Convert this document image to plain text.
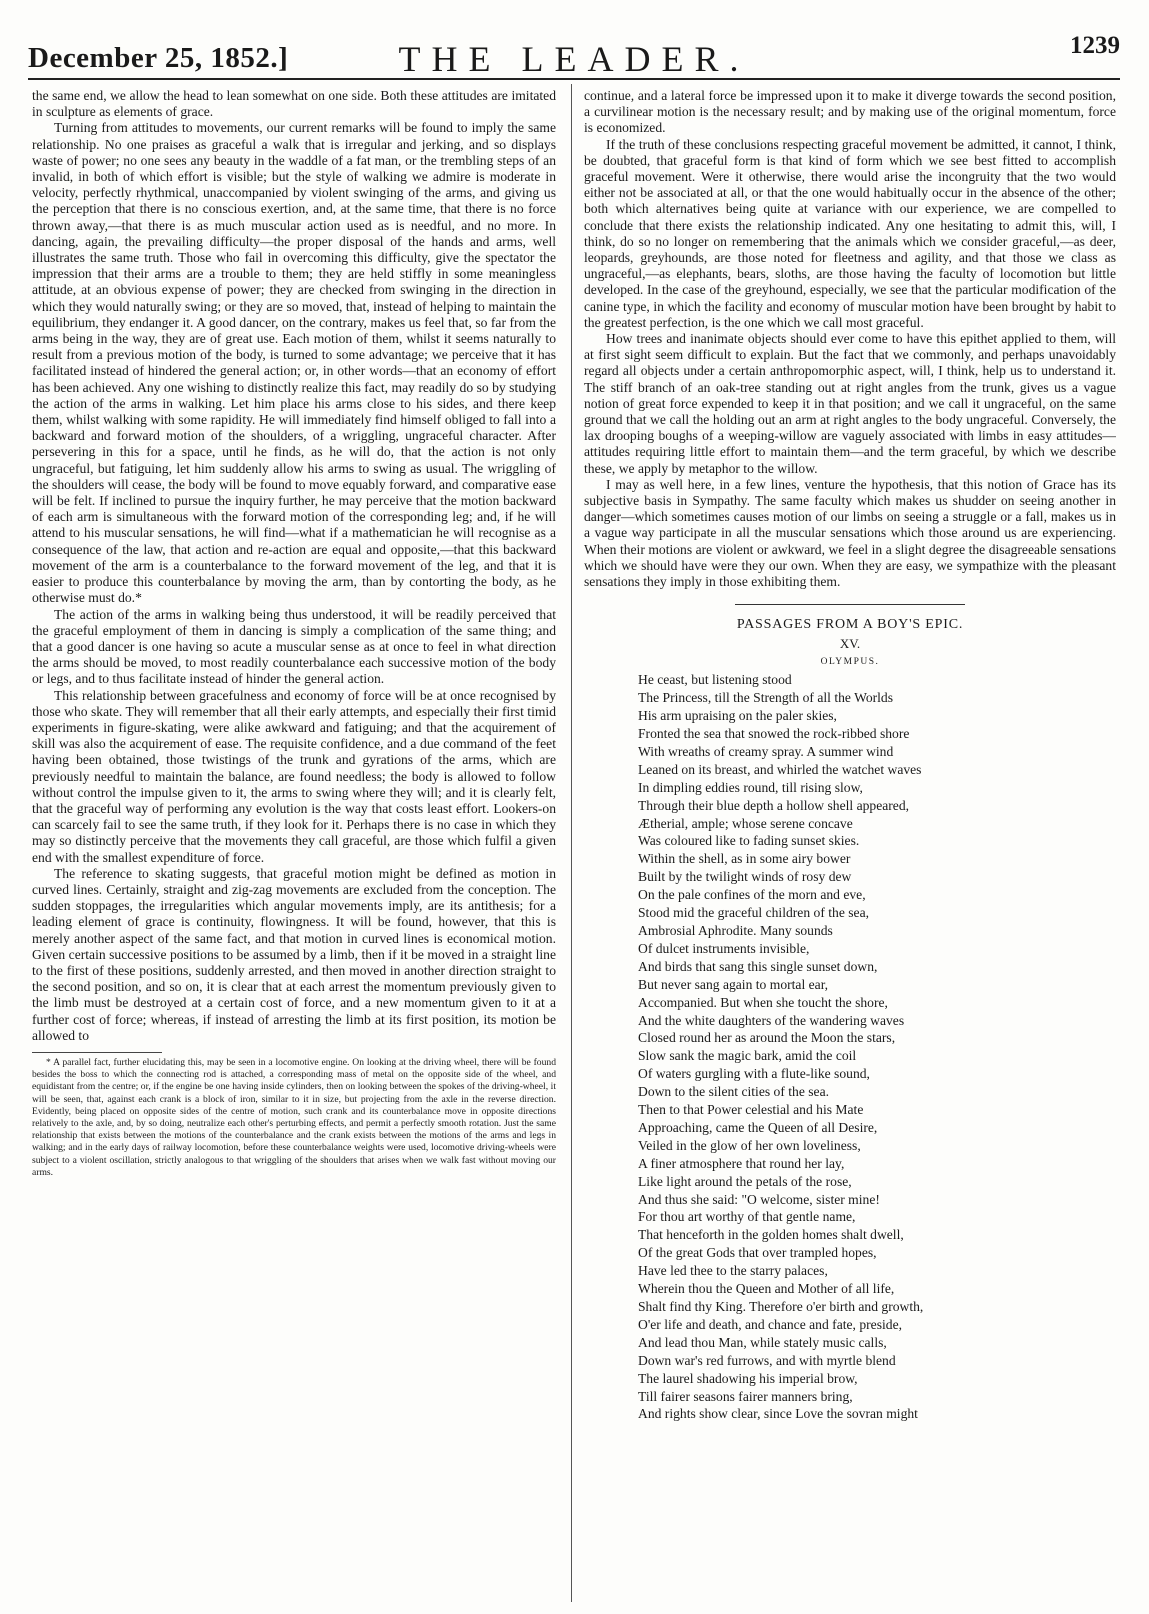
December 25, 1852.]	THE LEADER.	1239

the same end, we allow the head to lean somewhat on one side. Both these attitudes are imitated in sculpture as elements of grace.

Turning from attitudes to movements, our current remarks will be found to imply the same relationship. No one praises as graceful a walk that is irregular and jerking, and so displays waste of power; no one sees any beauty in the waddle of a fat man, or the trembling steps of an invalid, in both of which effort is visible; but the style of walking we admire is moderate in velocity, perfectly rhythmical, unaccompanied by violent swinging of the arms, and giving us the perception that there is no conscious exertion, and, at the same time, that there is no force thrown away,—that there is as much muscular action used as is needful, and no more. In dancing, again, the prevailing difficulty—the proper disposal of the hands and arms, well illustrates the same truth. Those who fail in overcoming this difficulty, give the spectator the impression that their arms are a trouble to them; they are held stiffly in some meaningless attitude, at an obvious expense of power; they are checked from swinging in the direction in which they would naturally swing; or they are so moved, that, instead of helping to maintain the equilibrium, they endanger it. A good dancer, on the contrary, makes us feel that, so far from the arms being in the way, they are of great use. Each motion of them, whilst it seems naturally to result from a previous motion of the body, is turned to some advantage; we perceive that it has facilitated instead of hindered the general action; or, in other words—that an economy of effort has been achieved. Any one wishing to distinctly realize this fact, may readily do so by studying the action of the arms in walking. Let him place his arms close to his sides, and there keep them, whilst walking with some rapidity. He will immediately find himself obliged to fall into a backward and forward motion of the shoulders, of a wriggling, ungraceful character. After persevering in this for a space, until he finds, as he will do, that the action is not only ungraceful, but fatiguing, let him suddenly allow his arms to swing as usual. The wriggling of the shoulders will cease, the body will be found to move equably forward, and comparative ease will be felt. If inclined to pursue the inquiry further, he may perceive that the motion backward of each arm is simultaneous with the forward motion of the corresponding leg; and, if he will attend to his muscular sensations, he will find—what if a mathematician he will recognise as a consequence of the law, that action and re-action are equal and opposite,—that this backward movement of the arm is a counterbalance to the forward movement of the leg, and that it is easier to produce this counterbalance by moving the arm, than by contorting the body, as he otherwise must do.*

The action of the arms in walking being thus understood, it will be readily perceived that the graceful employment of them in dancing is simply a complication of the same thing; and that a good dancer is one having so acute a muscular sense as at once to feel in what direction the arms should be moved, to most readily counterbalance each successive motion of the body or legs, and to thus facilitate instead of hinder the general action.

This relationship between gracefulness and economy of force will be at once recognised by those who skate. They will remember that all their early attempts, and especially their first timid experiments in figure-skating, were alike awkward and fatiguing; and that the acquirement of skill was also the acquirement of ease. The requisite confidence, and a due command of the feet having been obtained, those twistings of the trunk and gyrations of the arms, which are previously needful to maintain the balance, are found needless; the body is allowed to follow without control the impulse given to it, the arms to swing where they will; and it is clearly felt, that the graceful way of performing any evolution is the way that costs least effort. Lookers-on can scarcely fail to see the same truth, if they look for it. Perhaps there is no case in which they may so distinctly perceive that the movements they call graceful, are those which fulfil a given end with the smallest expenditure of force.

The reference to skating suggests, that graceful motion might be defined as motion in curved lines. Certainly, straight and zig-zag movements are excluded from the conception. The sudden stoppages, the irregularities which angular movements imply, are its antithesis; for a leading element of grace is continuity, flowingness. It will be found, however, that this is merely another aspect of the same fact, and that motion in curved lines is economical motion. Given certain successive positions to be assumed by a limb, then if it be moved in a straight line to the first of these positions, suddenly arrested, and then moved in another direction straight to the second position, and so on, it is clear that at each arrest the momentum previously given to the limb must be destroyed at a certain cost of force, and a new momentum given to it at a further cost of force; whereas, if instead of arresting the limb at its first position, its motion be allowed to

* A parallel fact, further elucidating this, may be seen in a locomotive engine. On looking at the driving wheel, there will be found besides the boss to which the connecting rod is attached, a corresponding mass of metal on the opposite side of the wheel, and equidistant from the centre; or, if the engine be one having inside cylinders, then on looking between the spokes of the driving-wheel, it will be seen, that, against each crank is a block of iron, similar to it in size, but projecting from the axle in the reverse direction. Evidently, being placed on opposite sides of the centre of motion, such crank and its counterbalance move in opposite directions relatively to the axle, and, by so doing, neutralize each other's perturbing effects, and permit a perfectly smooth rotation. Just the same relationship that exists between the motions of the counterbalance and the crank exists between the motions of the arms and legs in walking; and in the early days of railway locomotion, before these counterbalance weights were used, locomotive driving-wheels were subject to a violent oscillation, strictly analogous to that wriggling of the shoulders that arises when we walk fast without moving our arms.

continue, and a lateral force be impressed upon it to make it diverge towards the second position, a curvilinear motion is the necessary result; and by making use of the original momentum, force is economized.

If the truth of these conclusions respecting graceful movement be admitted, it cannot, I think, be doubted, that graceful form is that kind of form which we see best fitted to accomplish graceful movement. Were it otherwise, there would arise the incongruity that the two would either not be associated at all, or that the one would habitually occur in the absence of the other; both which alternatives being quite at variance with our experience, we are compelled to conclude that there exists the relationship indicated. Any one hesitating to admit this, will, I think, do so no longer on remembering that the animals which we consider graceful,—as deer, leopards, greyhounds, are those noted for fleetness and agility, and that those we class as ungraceful,—as elephants, bears, sloths, are those having the faculty of locomotion but little developed. In the case of the greyhound, especially, we see that the particular modification of the canine type, in which the facility and economy of muscular motion have been brought by habit to the greatest perfection, is the one which we call most graceful.

How trees and inanimate objects should ever come to have this epithet applied to them, will at first sight seem difficult to explain. But the fact that we commonly, and perhaps unavoidably regard all objects under a certain anthropomorphic aspect, will, I think, help us to understand it. The stiff branch of an oak-tree standing out at right angles from the trunk, gives us a vague notion of great force expended to keep it in that position; and we call it ungraceful, on the same ground that we call the holding out an arm at right angles to the body ungraceful. Conversely, the lax drooping boughs of a weeping-willow are vaguely associated with limbs in easy attitudes—attitudes requiring little effort to maintain them—and the term graceful, by which we describe these, we apply by metaphor to the willow.

I may as well here, in a few lines, venture the hypothesis, that this notion of Grace has its subjective basis in Sympathy. The same faculty which makes us shudder on seeing another in danger—which sometimes causes motion of our limbs on seeing a struggle or a fall, makes us in a vague way participate in all the muscular sensations which those around us are experiencing. When their motions are violent or awkward, we feel in a slight degree the disagreeable sensations which we should have were they our own. When they are easy, we sympathize with the pleasant sensations they imply in those exhibiting them.

PASSAGES FROM A BOY'S EPIC.

XV.

OLYMPUS.

He ceast, but listening stood
The Princess, till the Strength of all the Worlds
His arm upraising on the paler skies,
Fronted the sea that snowed the rock-ribbed shore
With wreaths of creamy spray. A summer wind
Leaned on its breast, and whirled the watchet waves
In dimpling eddies round, till rising slow,
Through their blue depth a hollow shell appeared,
Ætherial, ample; whose serene concave
Was coloured like to fading sunset skies.
Within the shell, as in some airy bower
Built by the twilight winds of rosy dew
On the pale confines of the morn and eve,
Stood mid the graceful children of the sea,
Ambrosial Aphrodite. Many sounds
Of dulcet instruments invisible,
And birds that sang this single sunset down,
But never sang again to mortal ear,
Accompanied. But when she toucht the shore,
And the white daughters of the wandering waves
Closed round her as around the Moon the stars,
Slow sank the magic bark, amid the coil
Of waters gurgling with a flute-like sound,
Down to the silent cities of the sea.
Then to that Power celestial and his Mate
Approaching, came the Queen of all Desire,
Veiled in the glow of her own loveliness,
A finer atmosphere that round her lay,
Like light around the petals of the rose,
And thus she said: "O welcome, sister mine!
For thou art worthy of that gentle name,
That henceforth in the golden homes shalt dwell,
Of the great Gods that over trampled hopes,
Have led thee to the starry palaces,
Wherein thou the Queen and Mother of all life,
Shalt find thy King. Therefore o'er birth and growth,
O'er life and death, and chance and fate, preside,
And lead thou Man, while stately music calls,
Down war's red furrows, and with myrtle blend
The laurel shadowing his imperial brow,
Till fairer seasons fairer manners bring,
And rights show clear, since Love the sovran might
